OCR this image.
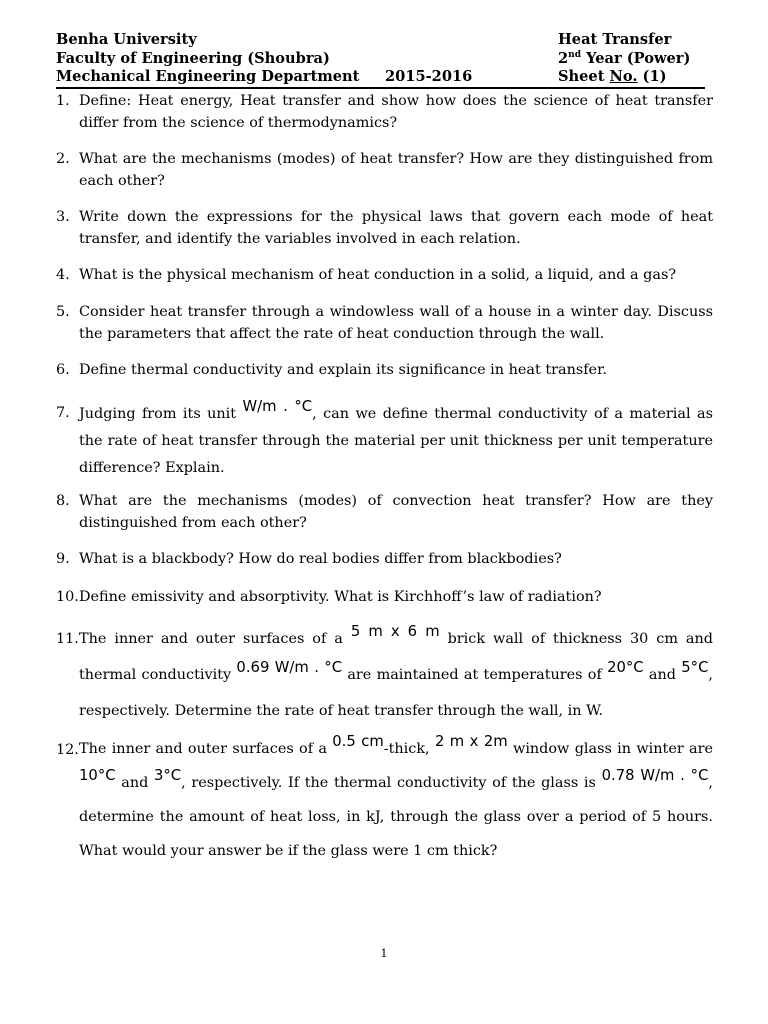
Benha University
Faculty of Engineering (Shoubra)
Mechanical Engineering Department 2015-2016
Heat Transfer
2nd Year (Power)
Sheet No. (1)
1. Define: Heat energy, Heat transfer and show how does the science of heat transfer differ from the science of thermodynamics?
2. What are the mechanisms (modes) of heat transfer? How are they distinguished from each other?
3. Write down the expressions for the physical laws that govern each mode of heat transfer, and identify the variables involved in each relation.
4. What is the physical mechanism of heat conduction in a solid, a liquid, and a gas?
5. Consider heat transfer through a windowless wall of a house in a winter day. Discuss the parameters that affect the rate of heat conduction through the wall.
6. Define thermal conductivity and explain its significance in heat transfer.
7. Judging from its unit W/m . °C, can we define thermal conductivity of a material as the rate of heat transfer through the material per unit thickness per unit temperature difference? Explain.
8. What are the mechanisms (modes) of convection heat transfer? How are they distinguished from each other?
9. What is a blackbody? How do real bodies differ from blackbodies?
10. Define emissivity and absorptivity. What is Kirchhoff’s law of radiation?
11. The inner and outer surfaces of a 5 m x 6 m brick wall of thickness 30 cm and thermal conductivity 0.69 W/m . °C are maintained at temperatures of 20°C and 5°C, respectively. Determine the rate of heat transfer through the wall, in W.
12. The inner and outer surfaces of a 0.5 cm-thick, 2 m x 2m window glass in winter are 10°C and 3°C, respectively. If the thermal conductivity of the glass is 0.78 W/m . °C, determine the amount of heat loss, in kJ, through the glass over a period of 5 hours. What would your answer be if the glass were 1 cm thick?
1
